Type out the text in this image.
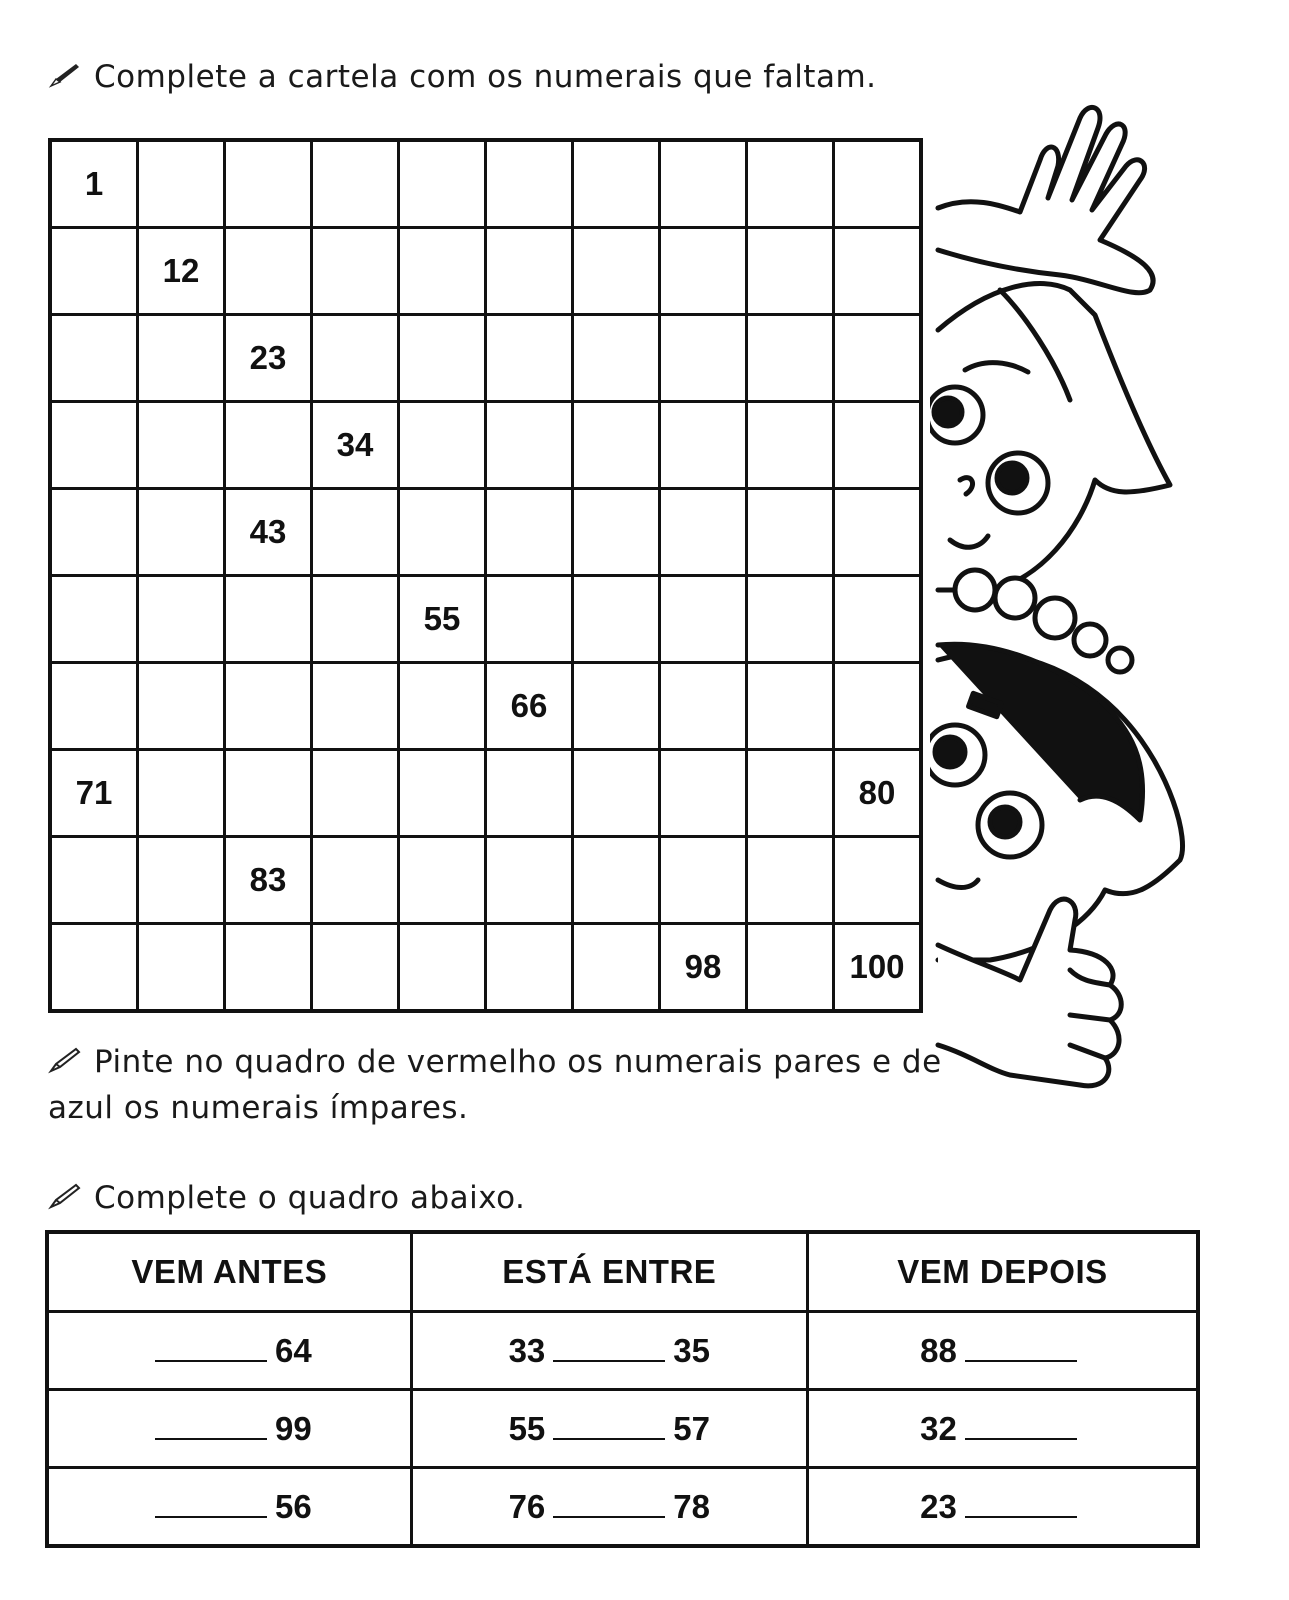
Complete a cartela com os numerais que faltam.
1									
	12								
		23							
			34						
		43							
				55					
					66				
71									80
		83							
							98		100
Pinte no quadro de vermelho os numerais pares e de azul os numerais ímpares.
Complete o quadro abaixo.
VEM ANTES	ESTÁ ENTRE	VEM DEPOIS
64	33 35	88
99	55 57	32
56	76 78	23
